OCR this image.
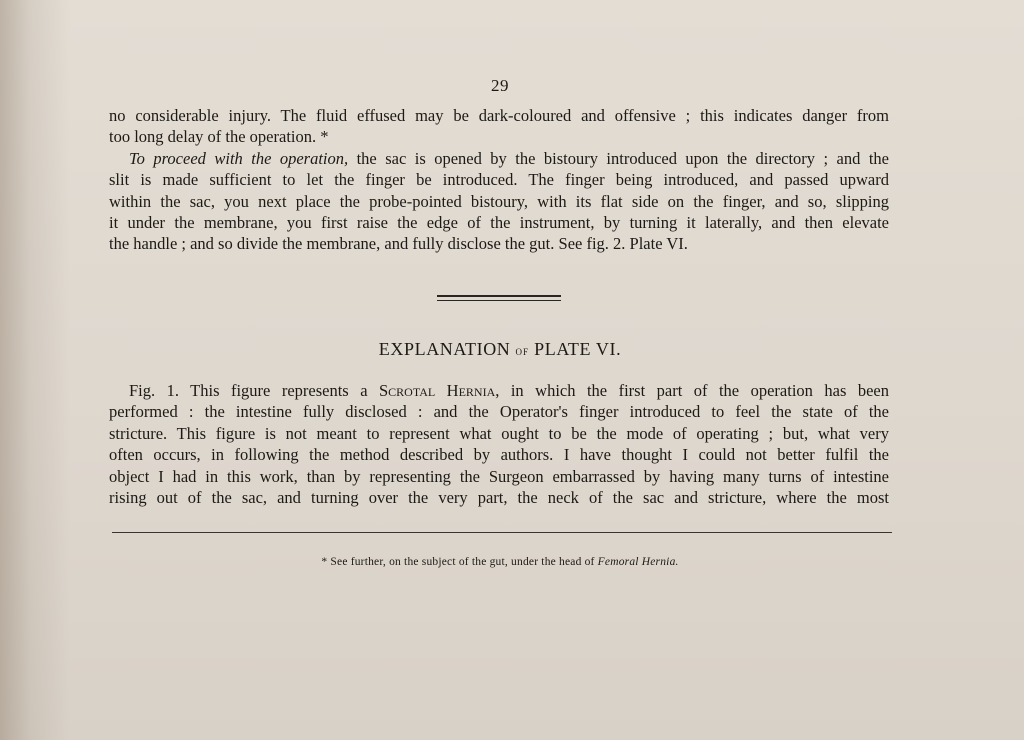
29
no considerable injury. The fluid effused may be dark-coloured and offensive ; this indicates danger from
too long delay of the operation. *
To proceed with the operation, the sac is opened by the bistoury introduced upon the directory ; and the
slit is made sufficient to let the finger be introduced. The finger being introduced, and passed upward
within the sac, you next place the probe-pointed bistoury, with its flat side on the finger, and so, slipping
it under the membrane, you first raise the edge of the instrument, by turning it laterally, and then elevate
the handle ; and so divide the membrane, and fully disclose the gut. See fig. 2. Plate VI.
EXPLANATION of PLATE VI.
Fig. 1. This figure represents a Scrotal Hernia, in which the first part of the operation has been
performed : the intestine fully disclosed : and the Operator's finger introduced to feel the state of the
stricture. This figure is not meant to represent what ought to be the mode of operating ; but, what very
often occurs, in following the method described by authors. I have thought I could not better fulfil the
object I had in this work, than by representing the Surgeon embarrassed by having many turns of intestine
rising out of the sac, and turning over the very part, the neck of the sac and stricture, where the most
* See further, on the subject of the gut, under the head of Femoral Hernia.
